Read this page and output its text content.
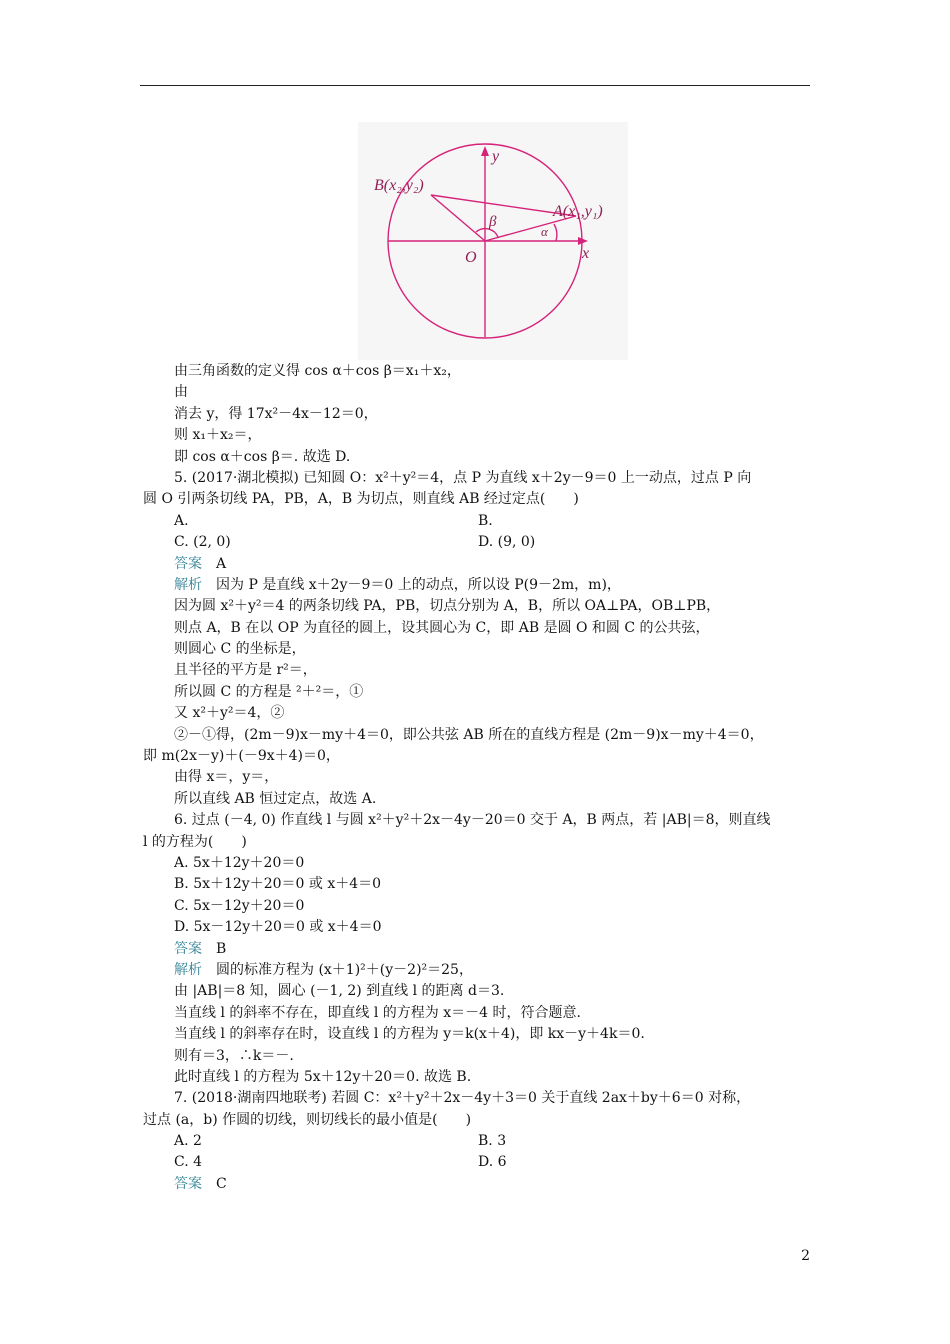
B(x₂,y₂)
A(x₁,y₁)
β
α
O	x
y
由三角函数的定义得 cos α＋cos β＝x₁＋x₂，
由
消去 y，得 17x²－4x－12＝0，
则 x₁＋x₂＝，
即 cos α＋cos β＝. 故选 D.
5. (2017·湖北模拟) 已知圆 O：x²＋y²＝4，点 P 为直线 x＋2y－9＝0 上一动点，过点 P 向
圆 O 引两条切线 PA，PB，A，B 为切点，则直线 AB 经过定点(　　)
A.	B.
C. (2, 0)	D. (9, 0)
答案　A
解析　因为 P 是直线 x＋2y－9＝0 上的动点，所以设 P(9－2m，m)，
因为圆 x²＋y²＝4 的两条切线 PA，PB，切点分别为 A，B，所以 OA⊥PA，OB⊥PB，
则点 A，B 在以 OP 为直径的圆上，设其圆心为 C，即 AB 是圆 O 和圆 C 的公共弦，
则圆心 C 的坐标是，
且半径的平方是 r²＝，
所以圆 C 的方程是 ²＋²＝，①
又 x²＋y²＝4，②
②－①得，(2m－9)x－my＋4＝0，即公共弦 AB 所在的直线方程是 (2m－9)x－my＋4＝0，
即 m(2x－y)＋(－9x＋4)＝0，
由得 x＝，y＝，
所以直线 AB 恒过定点，故选 A.
6. 过点 (－4, 0) 作直线 l 与圆 x²＋y²＋2x－4y－20＝0 交于 A，B 两点，若 |AB|＝8，则直线
l 的方程为(　　)
A. 5x＋12y＋20＝0
B. 5x＋12y＋20＝0 或 x＋4＝0
C. 5x－12y＋20＝0
D. 5x－12y＋20＝0 或 x＋4＝0
答案　B
解析　圆的标准方程为 (x＋1)²＋(y－2)²＝25，
由 |AB|＝8 知，圆心 (－1, 2) 到直线 l 的距离 d＝3.
当直线 l 的斜率不存在，即直线 l 的方程为 x＝－4 时，符合题意.
当直线 l 的斜率存在时，设直线 l 的方程为 y＝k(x＋4)，即 kx－y＋4k＝0.
则有＝3，∴k＝－.
此时直线 l 的方程为 5x＋12y＋20＝0. 故选 B.
7. (2018·湖南四地联考) 若圆 C：x²＋y²＋2x－4y＋3＝0 关于直线 2ax＋by＋6＝0 对称，
过点 (a，b) 作圆的切线，则切线长的最小值是(　　)
A. 2	B. 3
C. 4	D. 6
答案　C
2
